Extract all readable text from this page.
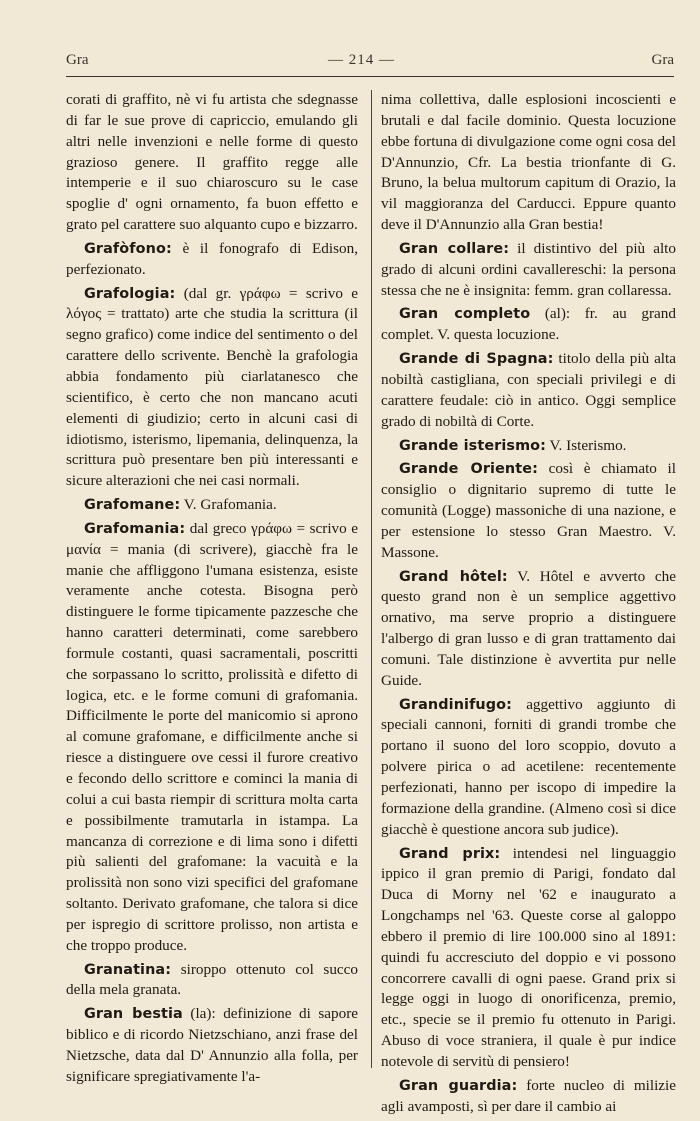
Gra	— 214 —	Gra

corati di graffito, nè vi fu artista che sdegnasse di far le sue prove di capriccio, emulando gli altri nelle invenzioni e nelle forme di questo grazioso genere. Il graffito regge alle intemperie e il suo chiaroscuro su le case spoglie d' ogni ornamento, fa buon effetto e grato pel carattere suo alquanto cupo e bizzarro.

Grafòfono: è il fonografo di Edison, perfezionato.

Grafologia: (dal gr. γράφω = scrivo e λόγος = trattato) arte che studia la scrittura (il segno grafico) come indice del sentimento o del carattere dello scrivente. Benchè la grafologia abbia fondamento più ciarlatanesco che scientifico, è certo che non mancano acuti elementi di giudizio; certo in alcuni casi di idiotismo, isterismo, lipemania, delinquenza, la scrittura può presentare ben più interessanti e sicure alterazioni che nei casi normali.

Grafomane: V. Grafomania.

Grafomania: dal greco γράφω = scrivo e μανία = mania (di scrivere), giacchè fra le manie che affliggono l'umana esistenza, esiste veramente anche cotesta. Bisogna però distinguere le forme tipicamente pazzesche che hanno caratteri determinati, come sarebbero formule costanti, quasi sacramentali, poscritti che sorpassano lo scritto, prolissità e difetto di logica, etc. e le forme comuni di grafomania. Difficilmente le porte del manicomio si aprono al comune grafomane, e difficilmente anche si riesce a distinguere ove cessi il furore creativo e fecondo dello scrittore e cominci la mania di colui a cui basta riempir di scrittura molta carta e possibilmente tramutarla in istampa. La mancanza di correzione e di lima sono i difetti più salienti del grafomane: la vacuità e la prolissità non sono vizi specifici del grafomane soltanto. Derivato grafomane, che talora si dice per ispregio di scrittore prolisso, non artista e che troppo produce.

Granatina: siroppo ottenuto col succo della mela granata.

Gran bestia (la): definizione di sapore biblico e di ricordo Nietzschiano, anzi frase del Nietzsche, data dal D' Annunzio alla folla, per significare spregiativamente l'a-

nima collettiva, dalle esplosioni incoscienti e brutali e dal facile dominio. Questa locuzione ebbe fortuna di divulgazione come ogni cosa del D'Annunzio, Cfr. La bestia trionfante di G. Bruno, la belua multorum capitum di Orazio, la vil maggioranza del Carducci. Eppure quanto deve il D'Annunzio alla Gran bestia!

Gran collare: il distintivo del più alto grado di alcuni ordini cavallereschi: la persona stessa che ne è insignita: femm. gran collaressa.

Gran completo (al): fr. au grand complet. V. questa locuzione.

Grande di Spagna: titolo della più alta nobiltà castigliana, con speciali privilegi e di carattere feudale: ciò in antico. Oggi semplice grado di nobiltà di Corte.

Grande isterismo: V. Isterismo.

Grande Oriente: così è chiamato il consiglio o dignitario supremo di tutte le comunità (Logge) massoniche di una nazione, e per estensione lo stesso Gran Maestro. V. Massone.

Grand hôtel: V. Hôtel e avverto che questo grand non è un semplice aggettivo ornativo, ma serve proprio a distinguere l'albergo di gran lusso e di gran trattamento dai comuni. Tale distinzione è avvertita pur nelle Guide.

Grandinifugo: aggettivo aggiunto di speciali cannoni, forniti di grandi trombe che portano il suono del loro scoppio, dovuto a polvere pirica o ad acetilene: recentemente perfezionati, hanno per iscopo di impedire la formazione della grandine. (Almeno così si dice giacchè è questione ancora sub judice).

Grand prix: intendesi nel linguaggio ippico il gran premio di Parigi, fondato dal Duca di Morny nel '62 e inaugurato a Longchamps nel '63. Queste corse al galoppo ebbero il premio di lire 100.000 sino al 1891: quindi fu accresciuto del doppio e vi possono concorrere cavalli di ogni paese. Grand prix si legge oggi in luogo di onorificenza, premio, etc., specie se il premio fu ottenuto in Parigi. Abuso di voce straniera, il quale è pur indice notevole di servitù di pensiero!

Gran guardia: forte nucleo di milizie agli avamposti, sì per dare il cambio ai
